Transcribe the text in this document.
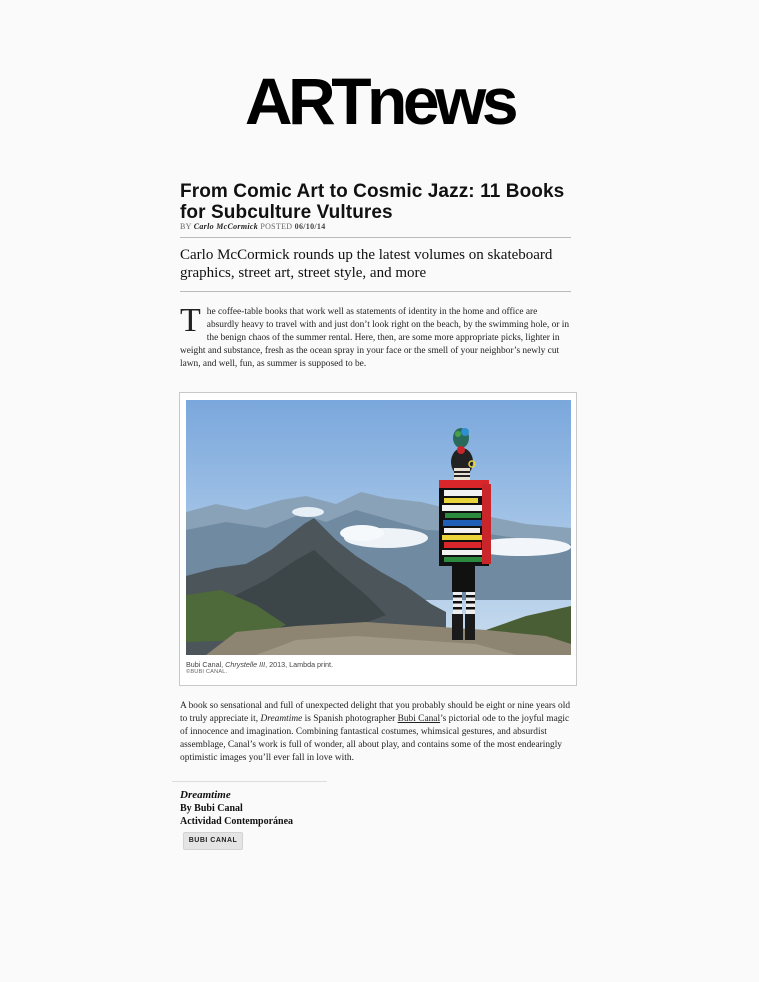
ARTnews
From Comic Art to Cosmic Jazz: 11 Books for Subculture Vultures
BY Carlo McCormick POSTED 06/10/14
Carlo McCormick rounds up the latest volumes on skateboard graphics, street art, street style, and more
The coffee-table books that work well as statements of identity in the home and office are absurdly heavy to travel with and just don’t look right on the beach, by the swimming hole, or in the benign chaos of the summer rental. Here, then, are some more appropriate picks, lighter in weight and substance, fresh as the ocean spray in your face or the smell of your neighbor’s newly cut lawn, and well, fun, as summer is supposed to be.
Bubi Canal, Chrystelle III, 2013, Lambda print.
©BUBI CANAL.
A book so sensational and full of unexpected delight that you probably should be eight or nine years old to truly appreciate it, Dreamtime is Spanish photographer Bubi Canal’s pictorial ode to the joyful magic of innocence and imagination. Combining fantastical costumes, whimsical gestures, and absurdist assemblage, Canal’s work is full of wonder, all about play, and contains some of the most endearingly optimistic images you’ll ever fall in love with.
Dreamtime
By Bubi Canal
Actividad Contemporánea
BUBI CANAL
